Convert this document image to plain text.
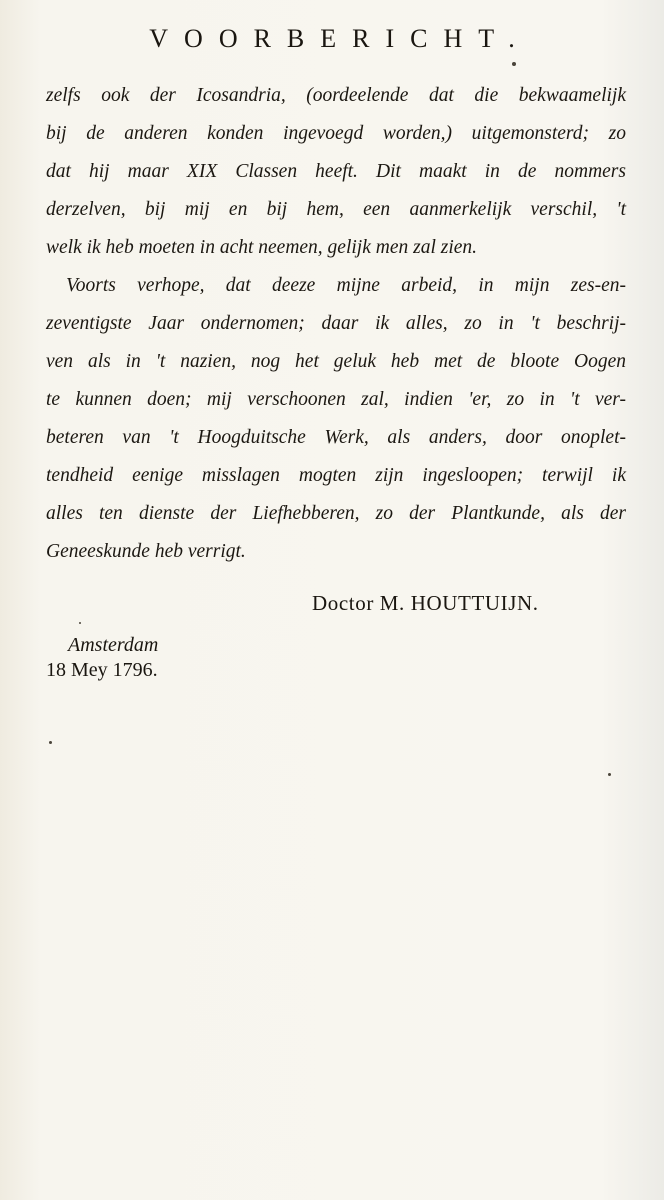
VOORBERICHT.
zelfs ook der Icosandria, (oordeelende dat die bekwaamelijk
bij de anderen konden ingevoegd worden,) uitgemonsterd; zo
dat hij maar XIX Classen heeft. Dit maakt in de nommers
derzelven, bij mij en bij hem, een aanmerkelijk verschil, 't
welk ik heb moeten in acht neemen, gelijk men zal zien.
Voorts verhope, dat deeze mijne arbeid, in mijn zes-en-
zeventigste Jaar ondernomen; daar ik alles, zo in 't beschrij-
ven als in 't nazien, nog het geluk heb met de bloote Oogen
te kunnen doen; mij verschoonen zal, indien 'er, zo in 't ver-
beteren van 't Hoogduitsche Werk, als anders, door onoplet-
tendheid eenige misslagen mogten zijn ingesloopen; terwijl ik
alles ten dienste der Liefhebberen, zo der Plantkunde, als der
Geneeskunde heb verrigt.
Doctor M. HOUTTUIJN.
Amsterdam
18 Mey 1796.
